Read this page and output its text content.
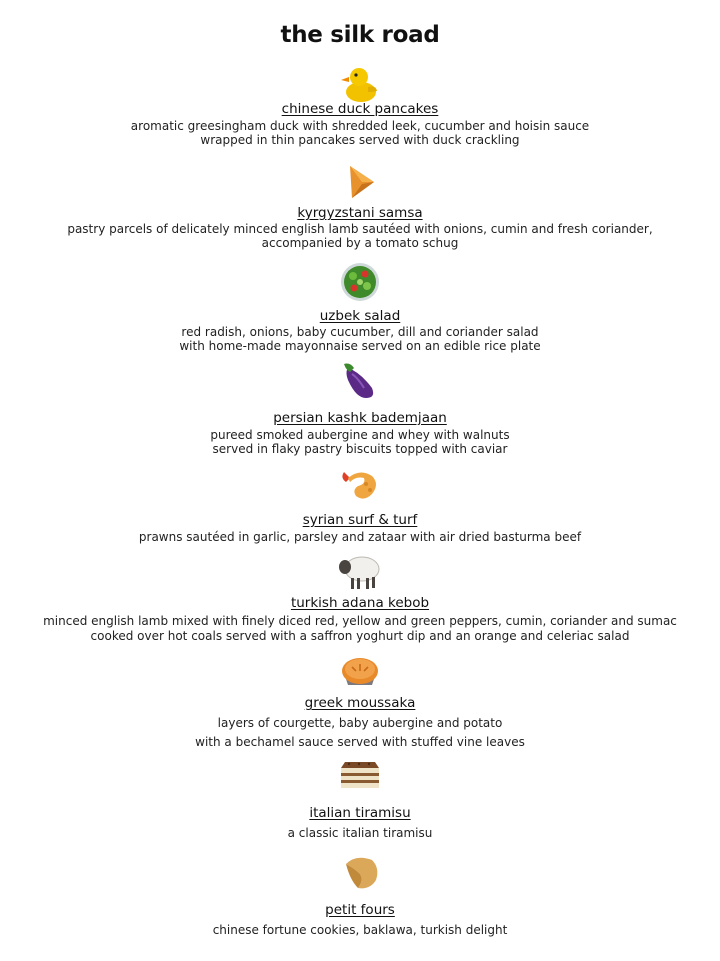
the silk road
chinese duck pancakes
aromatic greesingham duck with shredded leek, cucumber and hoisin sauce
wrapped in thin pancakes served with duck crackling
kyrgyzstani samsa
pastry parcels of delicately minced english lamb sautéed with onions, cumin and fresh coriander,
accompanied by a tomato schug
uzbek salad
red radish, onions, baby cucumber, dill and coriander salad
with home-made mayonnaise served on an edible rice plate
persian kashk bademjaan
pureed smoked aubergine and whey with walnuts
served in flaky pastry biscuits topped with caviar
syrian surf & turf
prawns sautéed in garlic, parsley and zataar with air dried basturma beef
turkish adana kebob
minced english lamb mixed with finely diced red, yellow and green peppers, cumin, coriander and sumac
cooked over hot coals served with a saffron yoghurt dip and an orange and celeriac salad
greek moussaka
layers of courgette, baby aubergine and potato
with a bechamel sauce served with stuffed vine leaves
italian tiramisu
a classic italian tiramisu
petit fours
chinese fortune cookies, baklawa, turkish delight
